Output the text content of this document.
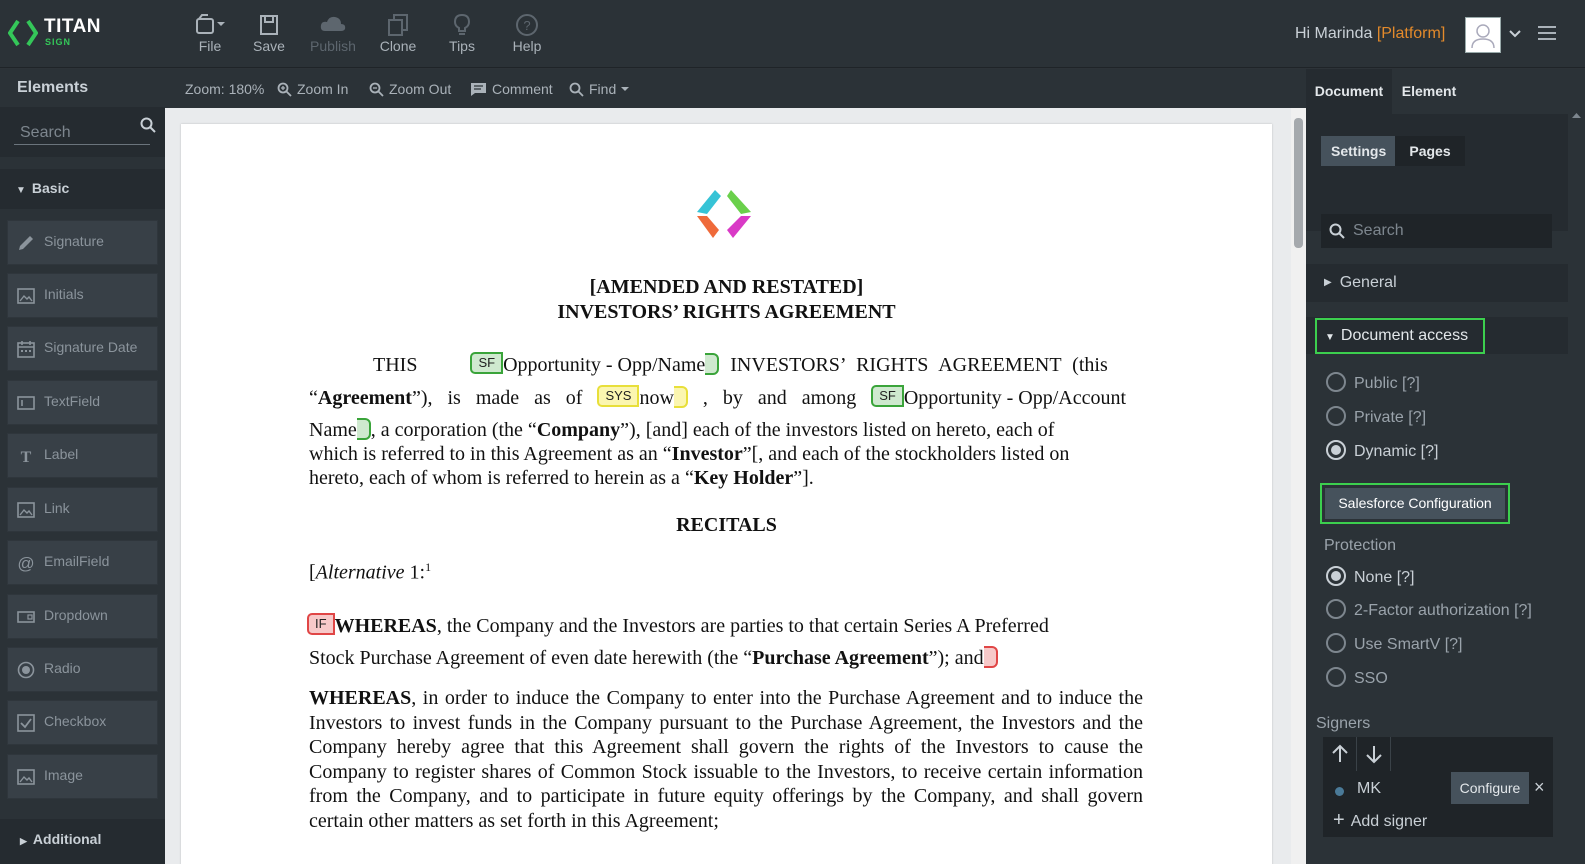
TITAN
SIGN	File	Save	Publish	Clone	Tips
?
Help
Hi Marinda [Platform]
Elements
Search
▼ Basic
Signature
Initials
Signature Date
TextField
T Label
Link
@ EmailField
Dropdown
Radio
Checkbox
Image
▶ Additional
Zoom: 180%	Zoom In	Zoom Out	Comment	Find
[AMENDED AND RESTATED]
INVESTORS’ RIGHTS AGREEMENT
THIS	SF Opportunity - Opp/Name INVESTORS’ RIGHTS AGREEMENT (this
“Agreement”), is made as of SYS now , by and among SF Opportunity - Opp/Account
Name , a corporation (the “Company”), [and] each of the investors listed on hereto, each of
which is referred to in this Agreement as an “Investor”[, and each of the stockholders listed on
hereto, each of whom is referred to herein as a “Key Holder”].
RECITALS
[Alternative 1:$^1$
IF WHEREAS, the Company and the Investors are parties to that certain Series A Preferred
Stock Purchase Agreement of even date herewith (the “Purchase Agreement”); and
WHEREAS, in order to induce the Company to enter into the Purchase Agreement and to induce the Investors to invest funds in the Company pursuant to the Purchase Agreement, the Investors and the Company hereby agree that this Agreement shall govern the rights of the Investors to cause the Company to register shares of Common Stock issuable to the Investors, to receive certain information from the Company, and to participate in future equity offerings by the Company, and shall govern certain other matters as set forth in this Agreement;
Document	Element
Settings	Pages
Search
▶ General
▼ Document access
Public [?]
Private [?]
Dynamic [?]
Salesforce Configuration
Protection
None [?]
2-Factor authorization [?]
Use SmartV [?]
SSO
Signers
MK	Configure ×
+ Add signer
